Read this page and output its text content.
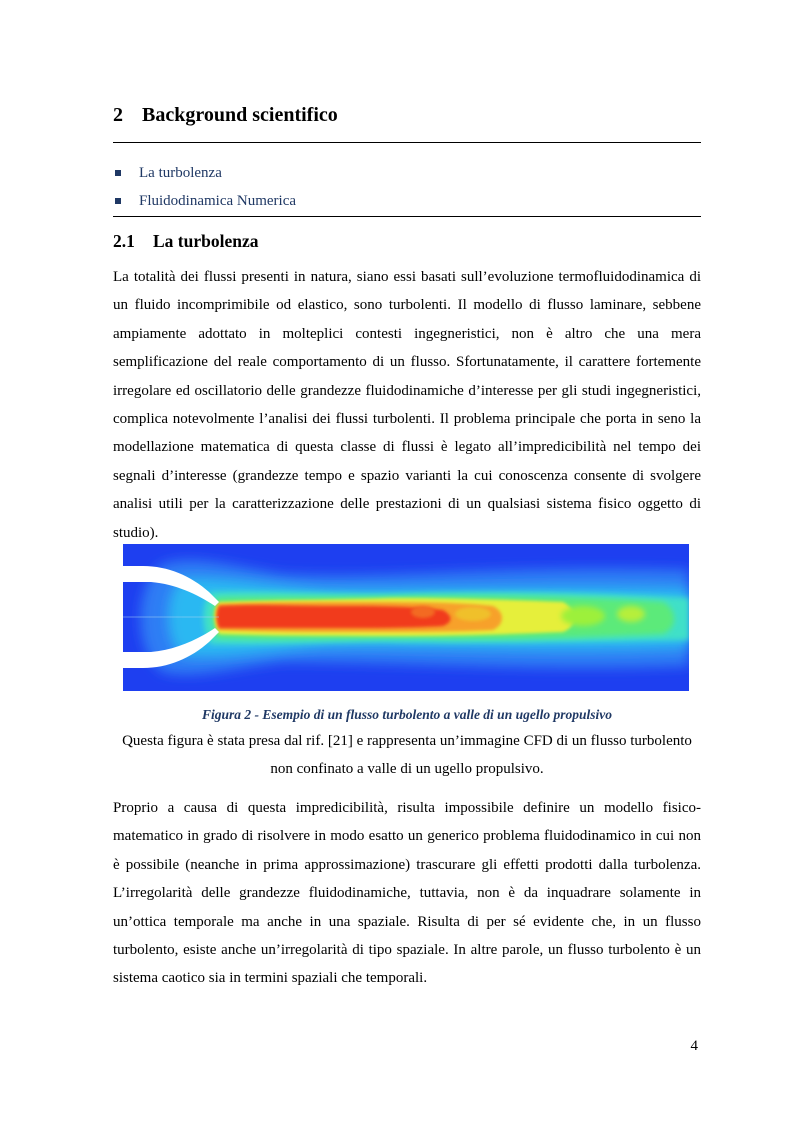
2 Background scientifico
La turbolenza
Fluidodinamica Numerica
2.1 La turbolenza

La totalità dei flussi presenti in natura, siano essi basati sull’evoluzione termofluidodinamica di un fluido incomprimibile od elastico, sono turbolenti. Il modello di flusso laminare, sebbene ampiamente adottato in molteplici contesti ingegneristici, non è altro che una mera semplificazione del reale comportamento di un flusso. Sfortunatamente, il carattere fortemente irregolare ed oscillatorio delle grandezze fluidodinamiche d’interesse per gli studi ingegneristici, complica notevolmente l’analisi dei flussi turbolenti. Il problema principale che porta in seno la modellazione matematica di questa classe di flussi è legato all’impredicibilità nel tempo dei segnali d’interesse (grandezze tempo e spazio varianti la cui conoscenza consente di svolgere analisi utili per la caratterizzazione delle prestazioni di un qualsiasi sistema fisico oggetto di studio).

Figura 2 - Esempio di un flusso turbolento a valle di un ugello propulsivo

Questa figura è stata presa dal rif. [21] e rappresenta un’immagine CFD di un flusso turbolento non confinato a valle di un ugello propulsivo.

Proprio a causa di questa impredicibilità, risulta impossibile definire un modello fisico-matematico in grado di risolvere in modo esatto un generico problema fluidodinamico in cui non è possibile (neanche in prima approssimazione) trascurare gli effetti prodotti dalla turbolenza. L’irregolarità delle grandezze fluidodinamiche, tuttavia, non è da inquadrare solamente in un’ottica temporale ma anche in una spaziale. Risulta di per sé evidente che, in un flusso turbolento, esiste anche un’irregolarità di tipo spaziale. In altre parole, un flusso turbolento è un sistema caotico sia in termini spaziali che temporali.

4
